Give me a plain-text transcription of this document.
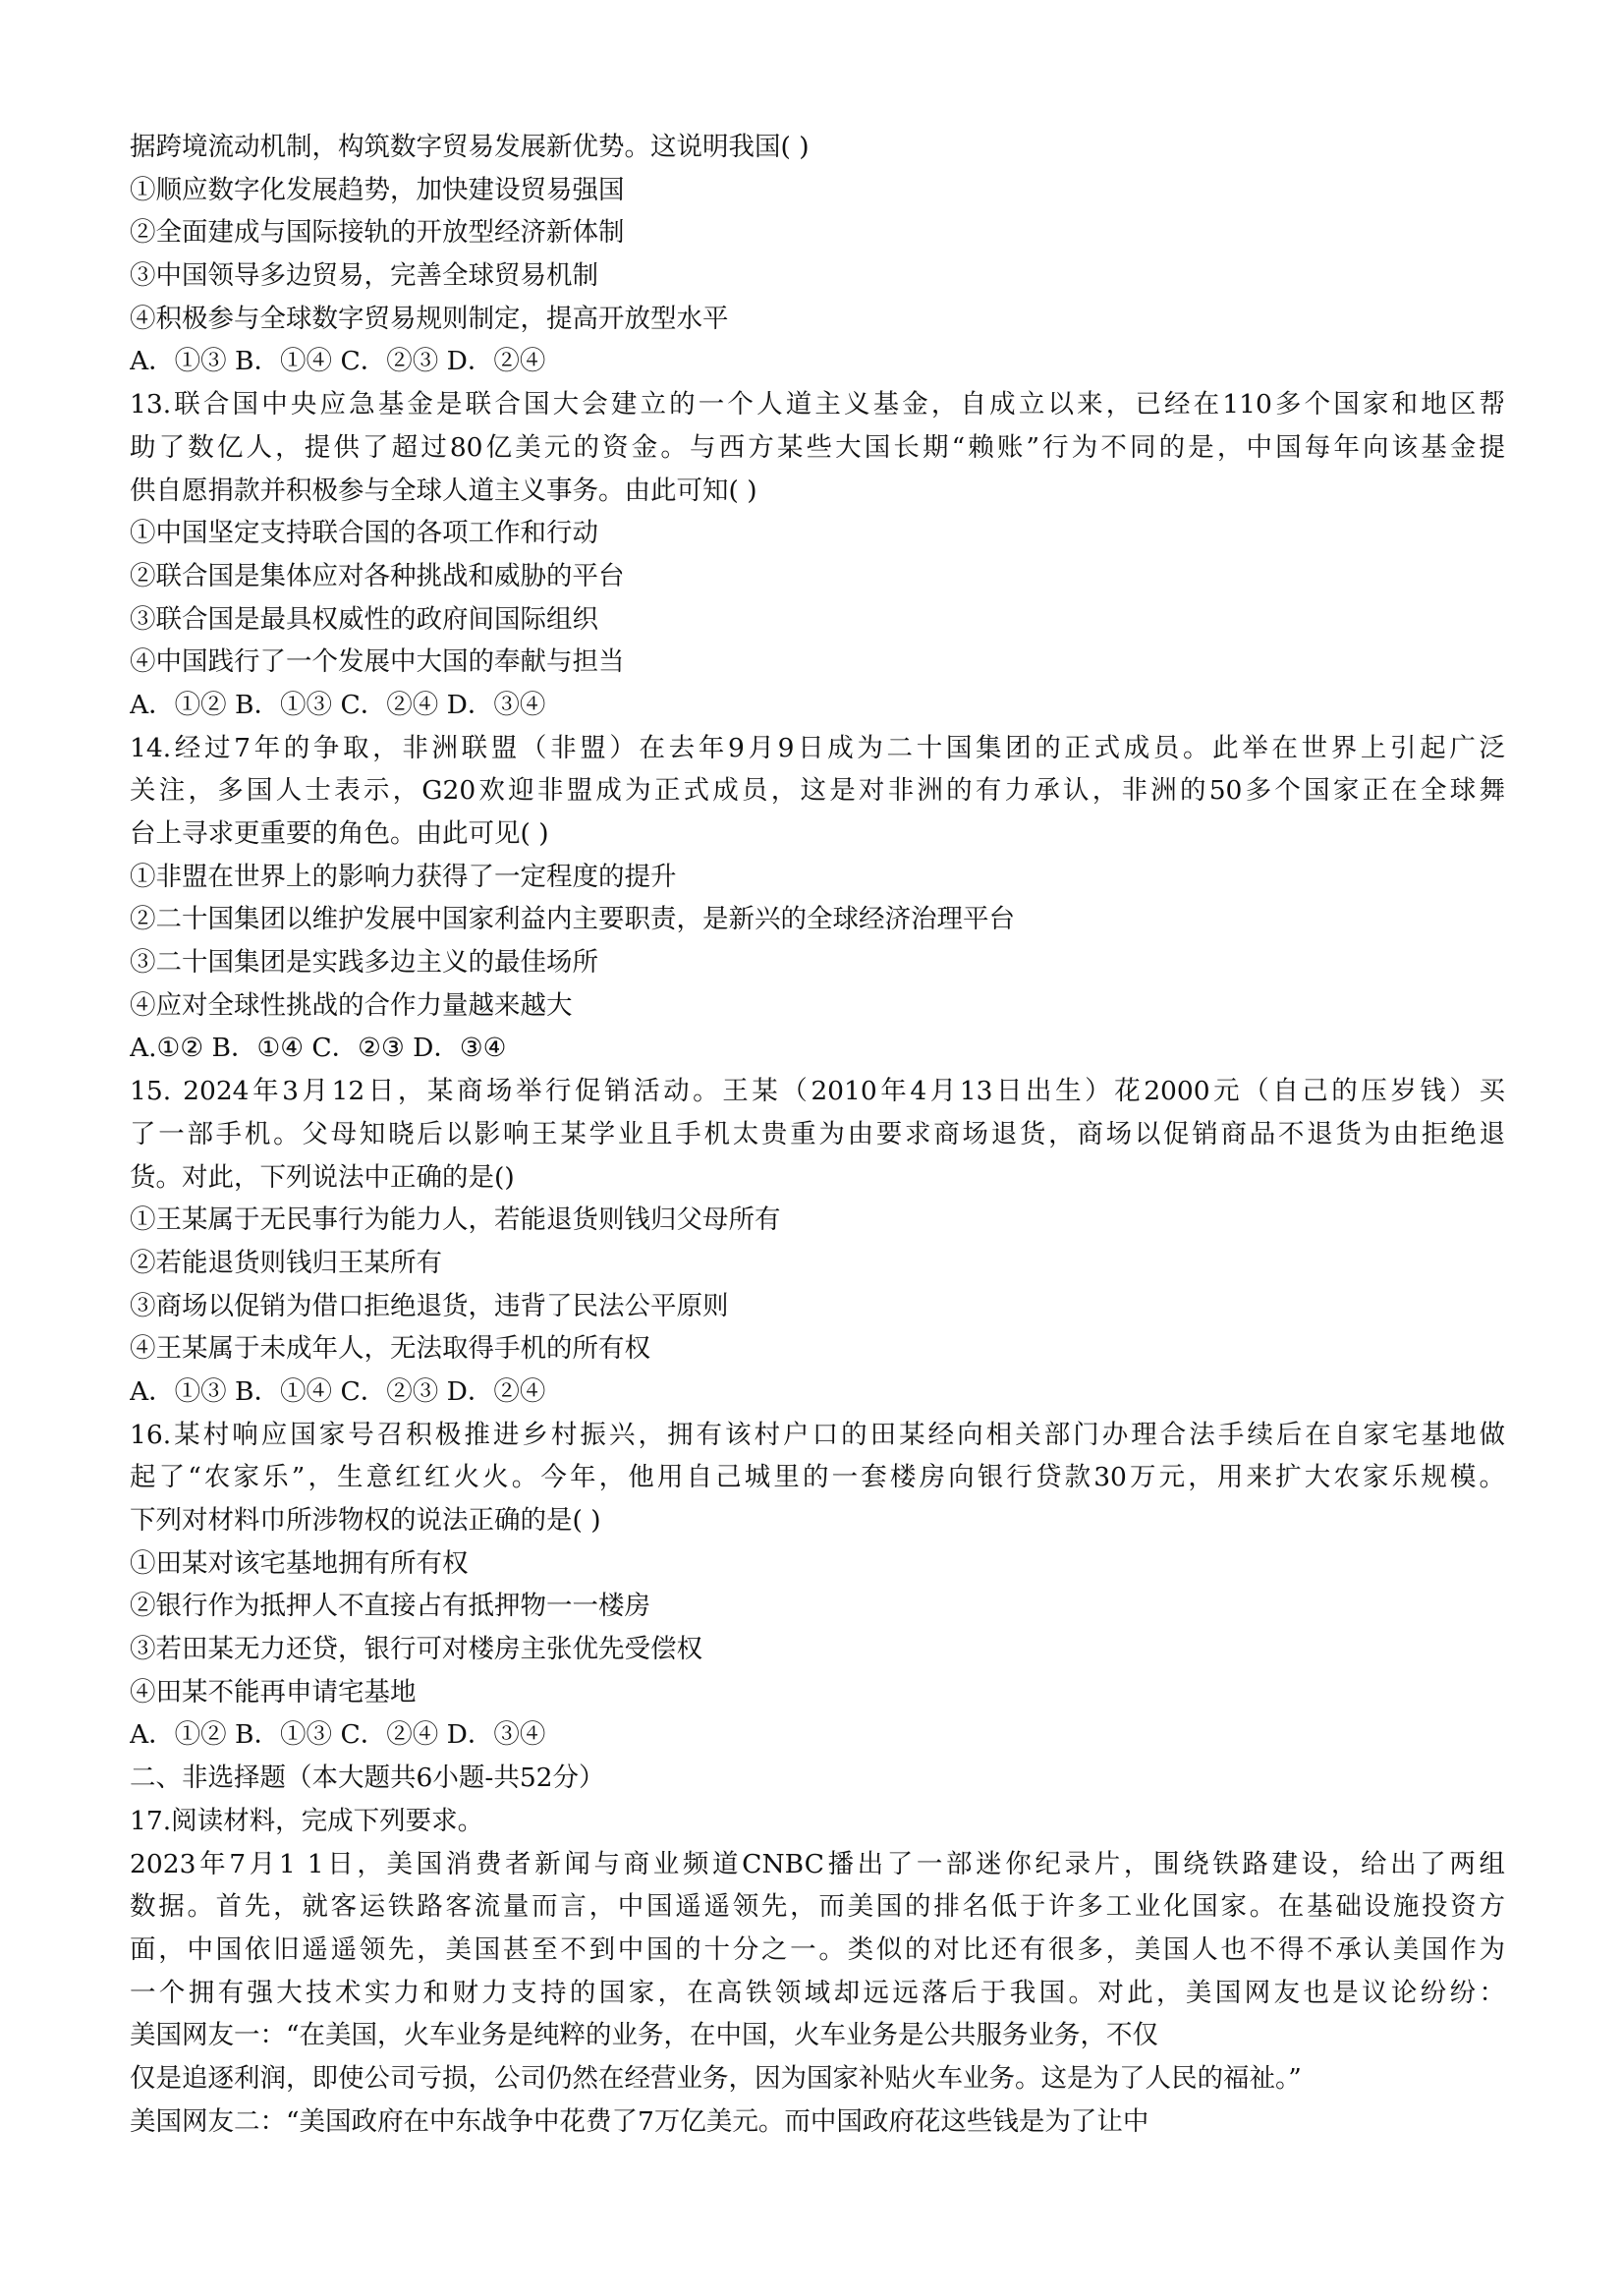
据跨境流动机制，构筑数字贸易发展新优势。这说明我国( )
①顺应数字化发展趋势，加快建设贸易强国
②全面建成与国际接轨的开放型经济新体制
③中国领导多边贸易，完善全球贸易机制
④积极参与全球数字贸易规则制定，提高开放型水平
A．①③ B．①④ C．②③ D．②④
13.联合国中央应急基金是联合国大会建立的一个人道主义基金，自成立以来，已经在110多个国家和地区帮
助了数亿人，提供了超过80亿美元的资金。与西方某些大国长期“赖账”行为不同的是，中国每年向该基金提
供自愿捐款并积极参与全球人道主义事务。由此可知( )
①中国坚定支持联合国的各项工作和行动
②联合国是集体应对各种挑战和威胁的平台
③联合国是最具权威性的政府间国际组织
④中国践行了一个发展中大国的奉献与担当
A．①② B．①③ C．②④ D．③④
14.经过7年的争取，非洲联盟（非盟）在去年9月9日成为二十国集团的正式成员。此举在世界上引起广泛
关注，多国人士表示，G20欢迎非盟成为正式成员，这是对非洲的有力承认，非洲的50多个国家正在全球舞
台上寻求更重要的角色。由此可见( )
①非盟在世界上的影响力获得了一定程度的提升
②二十国集团以维护发展中国家利益内主要职责，是新兴的全球经济治理平台
③二十国集团是实践多边主义的最佳场所
④应对全球性挑战的合作力量越来越大
A.①② B．①④ C．②③ D．③④
15. 2024年3月12日，某商场举行促销活动。王某（2010年4月13日出生）花2000元（自己的压岁钱）买
了一部手机。父母知晓后以影响王某学业且手机太贵重为由要求商场退货，商场以促销商品不退货为由拒绝退
货。对此，下列说法中正确的是()
①王某属于无民事行为能力人，若能退货则钱归父母所有
②若能退货则钱归王某所有
③商场以促销为借口拒绝退货，违背了民法公平原则
④王某属于未成年人，无法取得手机的所有权
A．①③ B．①④ C．②③ D．②④
16.某村响应国家号召积极推进乡村振兴，拥有该村户口的田某经向相关部门办理合法手续后在自家宅基地做
起了“农家乐”，生意红红火火。今年，他用自己城里的一套楼房向银行贷款30万元，用来扩大农家乐规模。
下列对材料巾所涉物权的说法正确的是( )
①田某对该宅基地拥有所有权
②银行作为抵押人不直接占有抵押物一一楼房
③若田某无力还贷，银行可对楼房主张优先受偿权
④田某不能再申请宅基地
A．①② B．①③ C．②④ D．③④
二、非选择题（本大题共6小题-共52分）
17.阅读材料，完成下列要求。
2023年7月1 1日，美国消费者新闻与商业频道CNBC播出了一部迷你纪录片，围绕铁路建设，给出了两组
数据。首先，就客运铁路客流量而言，中国遥遥领先，而美国的排名低于许多工业化国家。在基础设施投资方
面，中国依旧遥遥领先，美国甚至不到中国的十分之一。类似的对比还有很多，美国人也不得不承认美国作为
一个拥有强大技术实力和财力支持的国家，在高铁领域却远远落后于我国。对此，美国网友也是议论纷纷：
美国网友一：“在美国，火车业务是纯粹的业务，在中国，火车业务是公共服务业务，不仅
仅是追逐利润，即使公司亏损，公司仍然在经营业务，因为国家补贴火车业务。这是为了人民的福祉。”
美国网友二：“美国政府在中东战争中花费了7万亿美元。而中国政府花这些钱是为了让中
